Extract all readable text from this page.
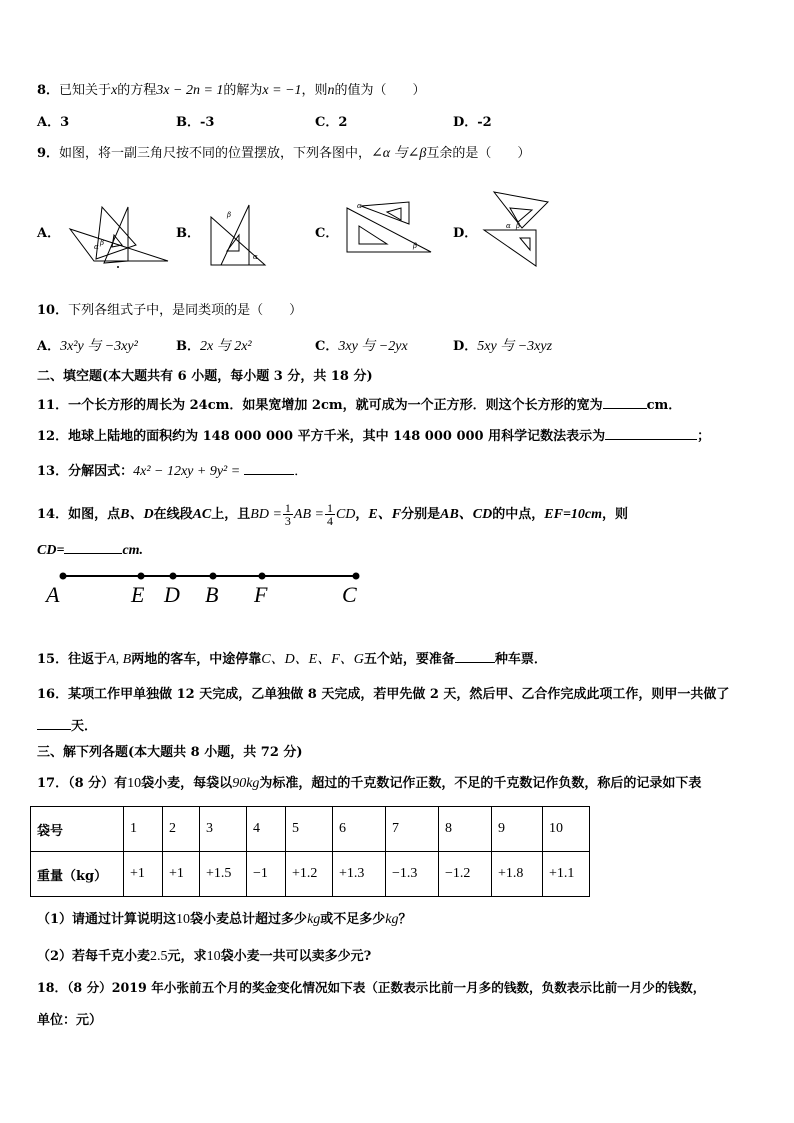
8．已知关于x的方程3x − 2n = 1的解为x = −1，则n的值为（　　）
A．3	B．-3	C．2	D．-2
9．如图，将一副三角尺按不同的位置摆放，下列各图中，∠α 与∠β互余的是（　　）
A．	B．	C．	D．
α β
β
α
α
β
α β
10．下列各组式子中，是同类项的是（　　）
A．3x²y 与 −3xy²	B．2x 与 2x²	C．3xy 与 −2yx	D．5xy 与 −3xyz
二、填空题(本大题共有 6 小题，每小题 3 分，共 18 分)
11．一个长方形的周长为 24cm．如果宽增加 2cm，就可成为一个正方形．则这个长方形的宽为	cm．
12．地球上陆地的面积约为 148 000 000 平方千米，其中 148 000 000 用科学记数法表示为	；
13．分解因式：4x² − 12xy + 9y² =	．
14．如图，点B、D在线段AC上，且BD = $\frac{1}{3}$ AB = $\frac{1}{4}$ CD，E、F分别是AB、CD的中点，EF=10cm，则
CD=	cm.
A	E D B F	C
15．往返于A, B两地的客车，中途停靠C、D、E、F、G五个站，要准备	种车票．
16．某项工作甲单独做 12 天完成，乙单独做 8 天完成，若甲先做 2 天，然后甲、乙合作完成此项工作，则甲一共做了
天．
三、解下列各题(本大题共 8 小题，共 72 分)
17．（8 分）有10袋小麦，每袋以90kg为标准，超过的千克数记作正数，不足的千克数记作负数，称后的记录如下表
袋号	1	2	3	4	5	6	7	8	9	10
重量（kg）	+1	+1	+1.5	−1	+1.2	+1.3	−1.3	−1.2	+1.8	+1.1
（1）请通过计算说明这10袋小麦总计超过多少kg或不足多少kg？
（2）若每千克小麦2.5元，求10袋小麦一共可以卖多少元?
18．（8 分）2019 年小张前五个月的奖金变化情况如下表（正数表示比前一月多的钱数，负数表示比前一月少的钱数，
单位：元）
